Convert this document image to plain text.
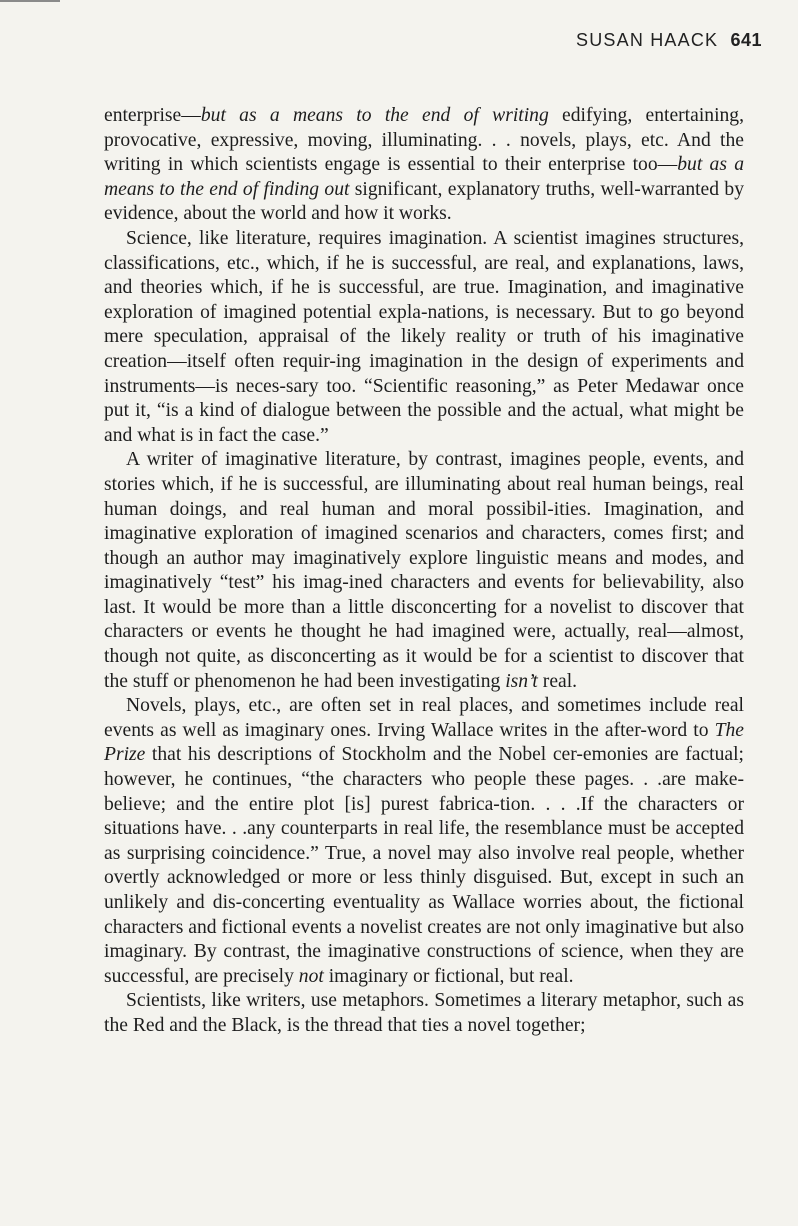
SUSAN HAACK 641

enterprise—but as a means to the end of writing edifying, entertaining, provocative, expressive, moving, illuminating. . . novels, plays, etc. And the writing in which scientists engage is essential to their enterprise too—but as a means to the end of finding out significant, explanatory truths, well-warranted by evidence, about the world and how it works.

Science, like literature, requires imagination. A scientist imagines structures, classifications, etc., which, if he is successful, are real, and explanations, laws, and theories which, if he is successful, are true. Imagination, and imaginative exploration of imagined potential expla-nations, is necessary. But to go beyond mere speculation, appraisal of the likely reality or truth of his imaginative creation—itself often requir-ing imagination in the design of experiments and instruments—is neces-sary too. “Scientific reasoning,” as Peter Medawar once put it, “is a kind of dialogue between the possible and the actual, what might be and what is in fact the case.”

A writer of imaginative literature, by contrast, imagines people, events, and stories which, if he is successful, are illuminating about real human beings, real human doings, and real human and moral possibil-ities. Imagination, and imaginative exploration of imagined scenarios and characters, comes first; and though an author may imaginatively explore linguistic means and modes, and imaginatively “test” his imag-ined characters and events for believability, also last. It would be more than a little disconcerting for a novelist to discover that characters or events he thought he had imagined were, actually, real—almost, though not quite, as disconcerting as it would be for a scientist to discover that the stuff or phenomenon he had been investigating isn’t real.

Novels, plays, etc., are often set in real places, and sometimes include real events as well as imaginary ones. Irving Wallace writes in the after-word to The Prize that his descriptions of Stockholm and the Nobel cer-emonies are factual; however, he continues, “the characters who people these pages. . .are make-believe; and the entire plot [is] purest fabrica-tion. . . .If the characters or situations have. . .any counterparts in real life, the resemblance must be accepted as surprising coincidence.” True, a novel may also involve real people, whether overtly acknowledged or more or less thinly disguised. But, except in such an unlikely and dis-concerting eventuality as Wallace worries about, the fictional characters and fictional events a novelist creates are not only imaginative but also imaginary. By contrast, the imaginative constructions of science, when they are successful, are precisely not imaginary or fictional, but real.

Scientists, like writers, use metaphors. Sometimes a literary metaphor, such as the Red and the Black, is the thread that ties a novel together;
